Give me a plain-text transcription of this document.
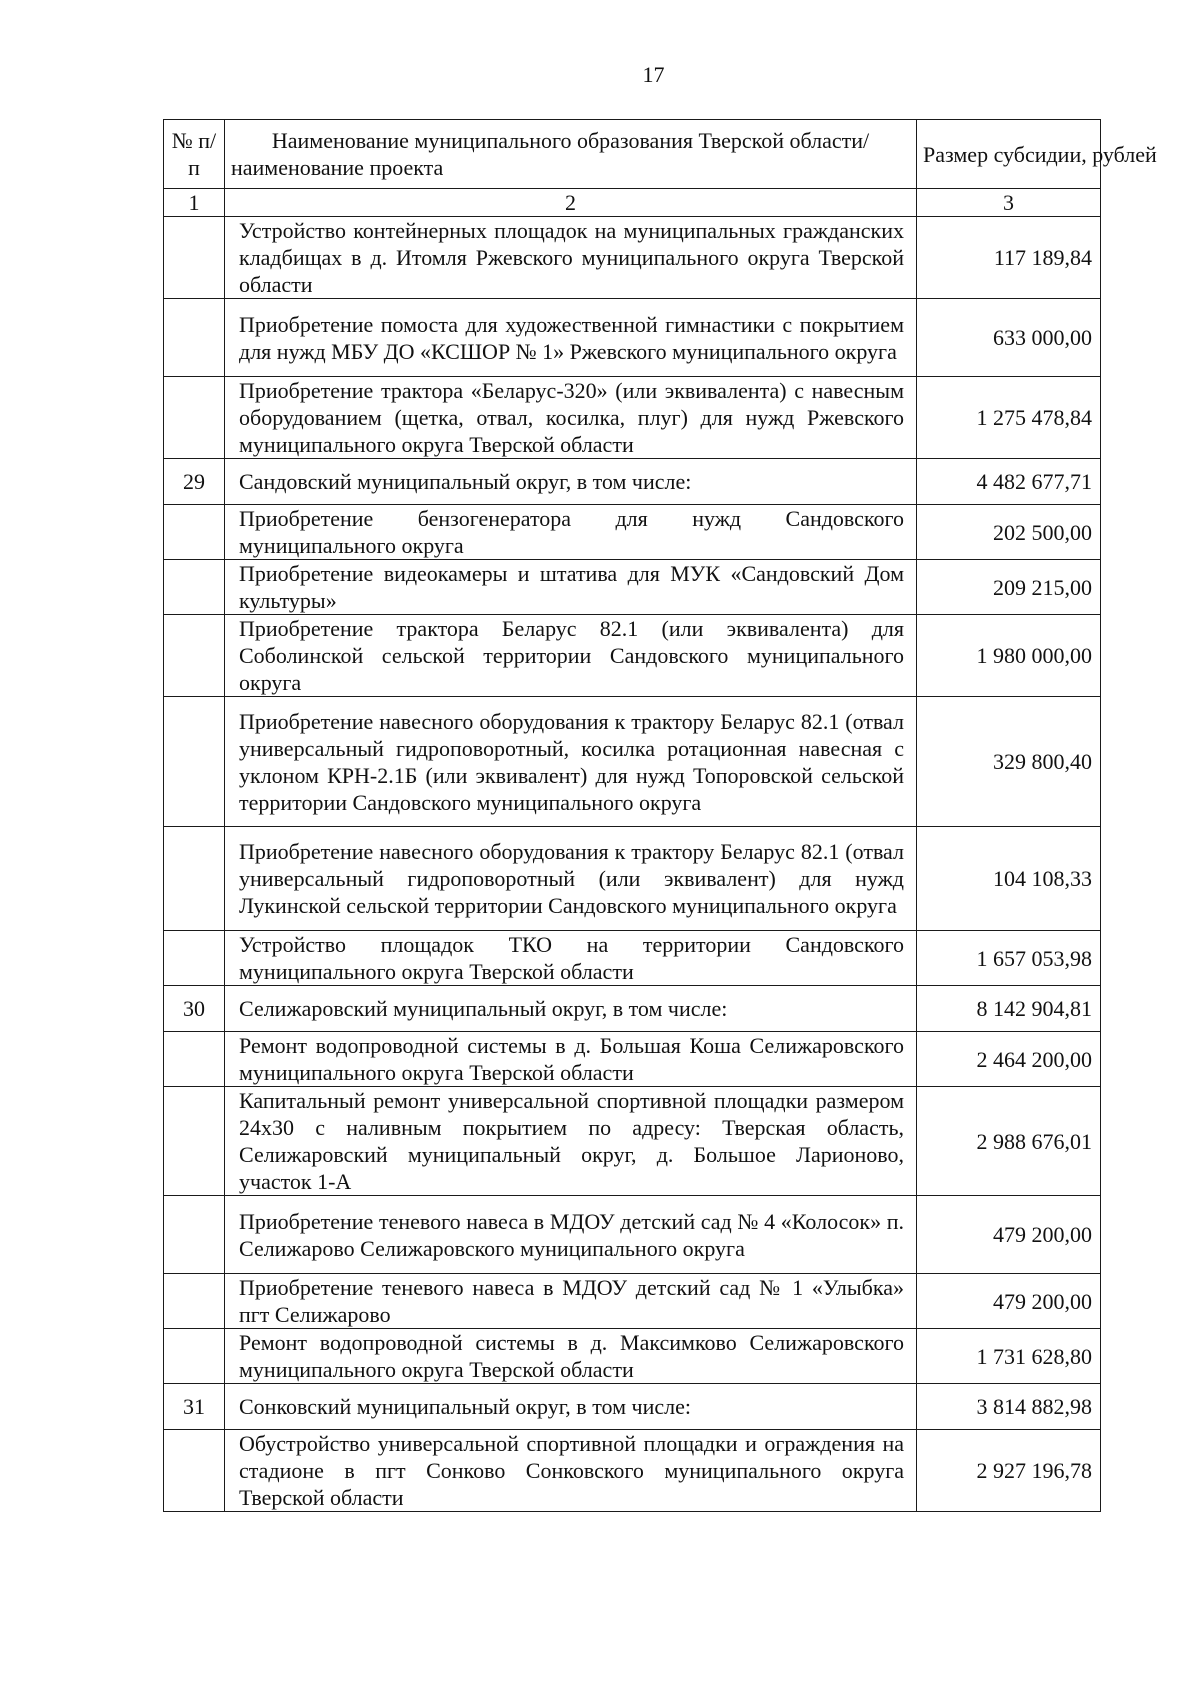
17
№ п/п	Наименование муниципального образования Тверской области/наименование проекта	Размер субсидии, рублей
1	2	3
	Устройство контейнерных площадок на муниципальных гражданских кладбищах в д. Итомля Ржевского муниципального округа Тверской области	117 189,84
	Приобретение помоста для художественной гимнастики с покрытием для нужд МБУ ДО «КСШОР № 1» Ржевского муниципального округа	633 000,00
	Приобретение трактора «Беларус-320» (или эквивалента) с навесным оборудованием (щетка, отвал, косилка, плуг) для нужд Ржевского муниципального округа Тверской области	1 275 478,84
29	Сандовский муниципальный округ, в том числе:	4 482 677,71
	Приобретение бензогенератора для нужд Сандовского муниципального округа	202 500,00
	Приобретение видеокамеры и штатива для МУК «Сандовский Дом культуры»	209 215,00
	Приобретение трактора Беларус 82.1 (или эквивалента) для Соболинской сельской территории Сандовского муниципального округа	1 980 000,00
	Приобретение навесного оборудования к трактору Беларус 82.1 (отвал универсальный гидроповоротный, косилка ротационная навесная с уклоном КРН-2.1Б (или эквивалент) для нужд Топоровской сельской территории Сандовского муниципального округа	329 800,40
	Приобретение навесного оборудования к трактору Беларус 82.1 (отвал универсальный гидроповоротный (или эквивалент) для нужд Лукинской сельской территории Сандовского муниципального округа	104 108,33
	Устройство площадок ТКО на территории Сандовского муниципального округа Тверской области	1 657 053,98
30	Селижаровский муниципальный округ, в том числе:	8 142 904,81
	Ремонт водопроводной системы в д. Большая Коша Селижаровского муниципального округа Тверской области	2 464 200,00
	Капитальный ремонт универсальной спортивной площадки размером 24х30 с наливным покрытием по адресу: Тверская область, Селижаровский муниципальный округ, д. Большое Ларионово, участок 1-А	2 988 676,01
	Приобретение теневого навеса в МДОУ детский сад № 4 «Колосок» п. Селижарово Селижаровского муниципального округа	479 200,00
	Приобретение теневого навеса в МДОУ детский сад № 1 «Улыбка» пгт Селижарово	479 200,00
	Ремонт водопроводной системы в д. Максимково Селижаровского муниципального округа Тверской области	1 731 628,80
31	Сонковский муниципальный округ, в том числе:	3 814 882,98
	Обустройство универсальной спортивной площадки и ограждения на стадионе в пгт Сонково Сонковского муниципального округа Тверской области	2 927 196,78
